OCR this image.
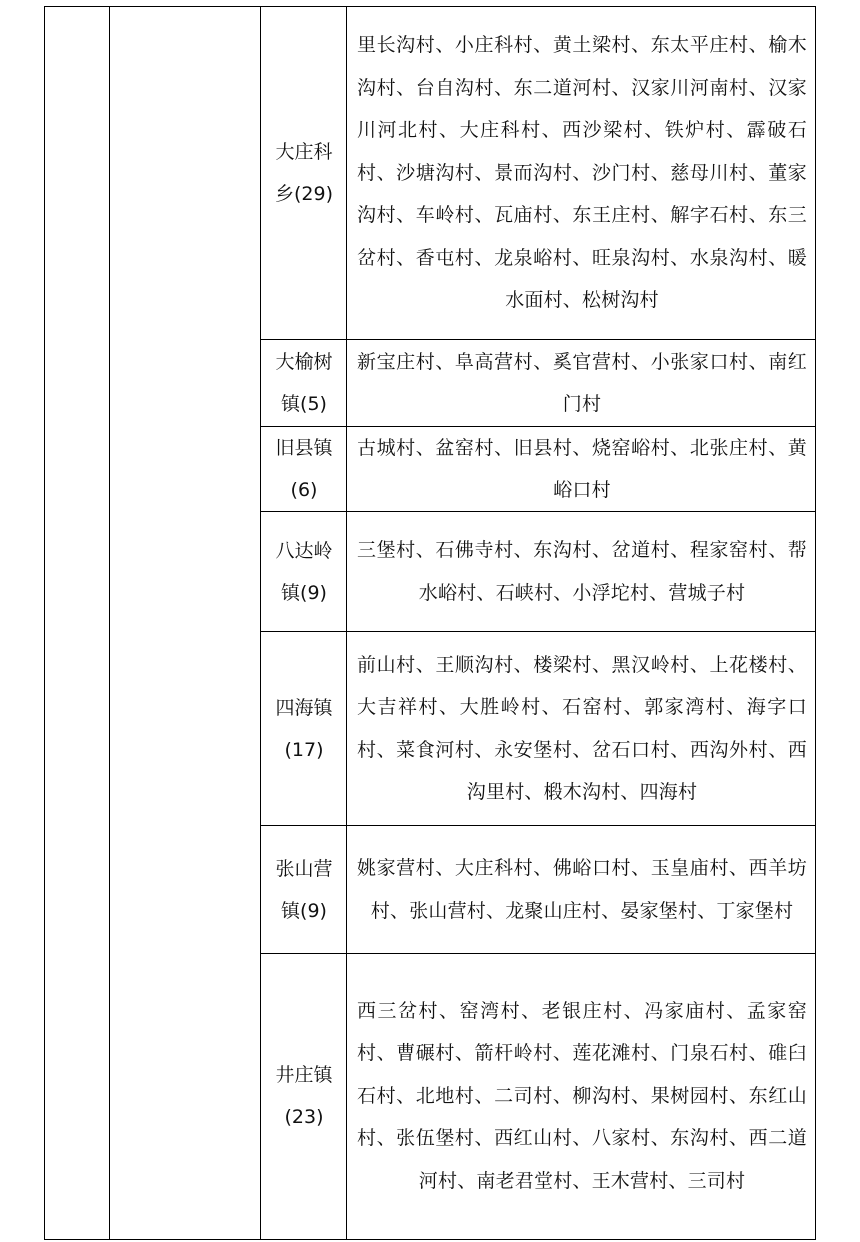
大庄科乡(29)
里长沟村、小庄科村、黄土梁村、东太平庄村、榆木沟村、台自沟村、东二道河村、汉家川河南村、汉家川河北村、大庄科村、西沙梁村、铁炉村、霹破石村、沙塘沟村、景而沟村、沙门村、慈母川村、董家沟村、车岭村、瓦庙村、东王庄村、解字石村、东三岔村、香屯村、龙泉峪村、旺泉沟村、水泉沟村、暖水面村、松树沟村
大榆树镇(5)
新宝庄村、阜高营村、奚官营村、小张家口村、南红门村
旧县镇(6)
古城村、盆窑村、旧县村、烧窑峪村、北张庄村、黄峪口村
八达岭镇(9)
三堡村、石佛寺村、东沟村、岔道村、程家窑村、帮水峪村、石峡村、小浮坨村、营城子村
四海镇(17)
前山村、王顺沟村、楼梁村、黑汉岭村、上花楼村、大吉祥村、大胜岭村、石窑村、郭家湾村、海字口村、菜食河村、永安堡村、岔石口村、西沟外村、西沟里村、椴木沟村、四海村
张山营镇(9)
姚家营村、大庄科村、佛峪口村、玉皇庙村、西羊坊村、张山营村、龙聚山庄村、晏家堡村、丁家堡村
井庄镇(23)
西三岔村、窑湾村、老银庄村、冯家庙村、孟家窑村、曹碾村、箭杆岭村、莲花滩村、门泉石村、碓臼石村、北地村、二司村、柳沟村、果树园村、东红山村、张伍堡村、西红山村、八家村、东沟村、西二道河村、南老君堂村、王木营村、三司村
